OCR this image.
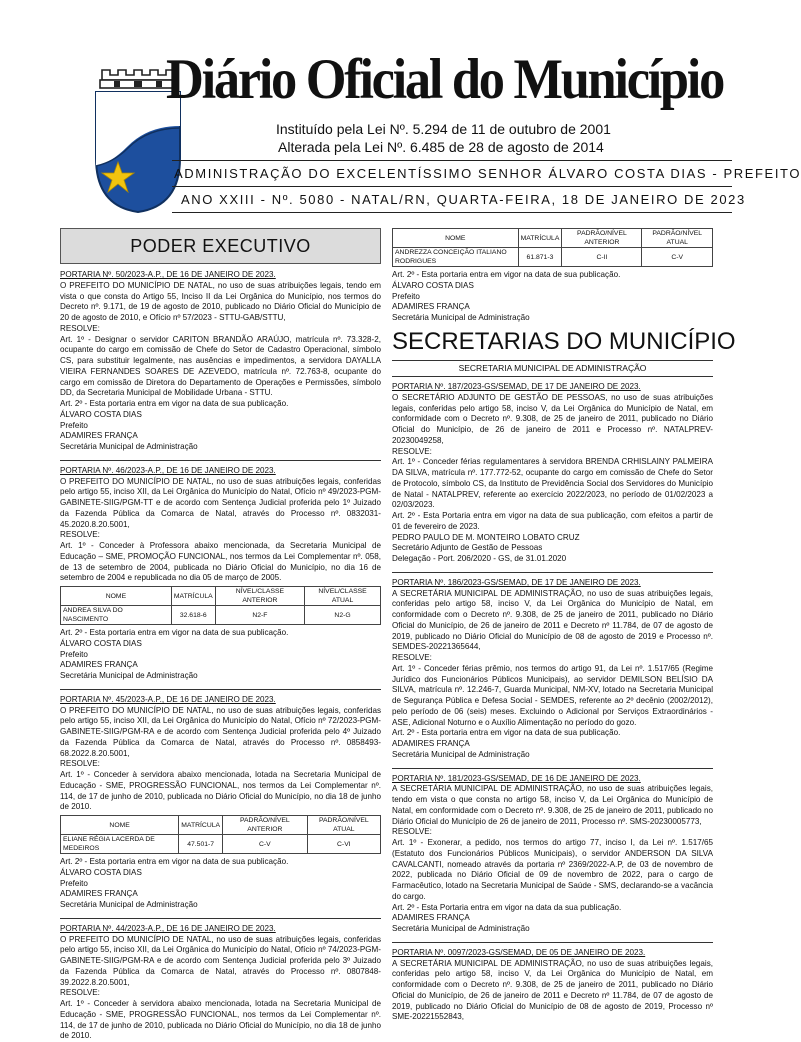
Diário Oficial do Município
Instituído pela Lei Nº. 5.294 de 11 de outubro de 2001
Alterada pela Lei Nº. 6.485 de 28 de agosto de 2014
ADMINISTRAÇÃO DO EXCELENTÍSSIMO SENHOR ÁLVARO COSTA DIAS - PREFEITO
ANO XXIII - Nº. 5080 - NATAL/RN, QUARTA-FEIRA, 18 DE JANEIRO DE 2023
PODER EXECUTIVO

PORTARIA Nº. 50/2023-A.P., DE 16 DE JANEIRO DE 2023.

O PREFEITO DO MUNICÍPIO DE NATAL, no uso de suas atribuições legais, tendo em vista o que consta do Artigo 55, Inciso II da Lei Orgânica do Município, nos termos do Decreto nº. 9.171, de 19 de agosto de 2010, publicado no Diário Oficial do Município de 20 de agosto de 2010, e Ofício nº 57/2023 - STTU-GAB/STTU,

RESOLVE:

Art. 1º - Designar o servidor CARITON BRANDÃO ARAÚJO, matrícula nº. 73.328-2, ocupante do cargo em comissão de Chefe do Setor de Cadastro Operacional, símbolo CS, para substituir legalmente, nas ausências e impedimentos, a servidora DAYALLA VIEIRA FERNANDES SOARES DE AZEVEDO, matrícula nº. 72.763-8, ocupante do cargo em comissão de Diretora do Departamento de Operações e Permissões, símbolo DD, da Secretaria Municipal de Mobilidade Urbana - STTU.

Art. 2º - Esta portaria entra em vigor na data de sua publicação.

ÁLVARO COSTA DIAS

Prefeito

ADAMIRES FRANÇA

Secretária Municipal de Administração

PORTARIA Nº. 46/2023-A.P., DE 16 DE JANEIRO DE 2023.

O PREFEITO DO MUNICÍPIO DE NATAL, no uso de suas atribuições legais, conferidas pelo artigo 55, inciso XII, da Lei Orgânica do Município do Natal, Ofício nº 49/2023-PGM-GABINETE-SIIG/PGM-TT e de acordo com Sentença Judicial proferida pelo 1º Juizado da Fazenda Pública da Comarca de Natal, através do Processo nº. 0832031-45.2020.8.20.5001,

RESOLVE:

Art. 1º - Conceder à Professora abaixo mencionada, da Secretaria Municipal de Educação – SME, PROMOÇÃO FUNCIONAL, nos termos da Lei Complementar nº. 058, de 13 de setembro de 2004, publicada no Diário Oficial do Município, no dia 16 de setembro de 2004 e republicada no dia 05 de março de 2005.

NOME	MATRÍCULA	NÍVEL/CLASSE ANTERIOR	NÍVEL/CLASSE ATUAL
ANDREA SILVA DO NASCIMENTO	32.618-6	N2-F	N2-G

Art. 2º - Esta portaria entra em vigor na data de sua publicação.

ÁLVARO COSTA DIAS

Prefeito

ADAMIRES FRANÇA

Secretária Municipal de Administração

PORTARIA Nº. 45/2023-A.P., DE 16 DE JANEIRO DE 2023.

O PREFEITO DO MUNICÍPIO DE NATAL, no uso de suas atribuições legais, conferidas pelo artigo 55, inciso XII, da Lei Orgânica do Município do Natal, Ofício nº 72/2023-PGM-GABINETE-SIIG/PGM-RA e de acordo com Sentença Judicial proferida pelo 4º Juizado da Fazenda Pública da Comarca de Natal, através do Processo nº. 0858493-68.2022.8.20.5001,

RESOLVE:

Art. 1º - Conceder à servidora abaixo mencionada, lotada na Secretaria Municipal de Educação - SME, PROGRESSÃO FUNCIONAL, nos termos da Lei Complementar nº. 114, de 17 de junho de 2010, publicada no Diário Oficial do Município, no dia 18 de junho de 2010.

NOME	MATRÍCULA	PADRÃO/NÍVEL ANTERIOR	PADRÃO/NÍVEL ATUAL
ELIANE RÉGIA LACERDA DE MEDEIROS	47.501-7	C-V	C-VI

Art. 2º - Esta portaria entra em vigor na data de sua publicação.

ÁLVARO COSTA DIAS

Prefeito

ADAMIRES FRANÇA

Secretária Municipal de Administração

PORTARIA Nº. 44/2023-A.P., DE 16 DE JANEIRO DE 2023.

O PREFEITO DO MUNICÍPIO DE NATAL, no uso de suas atribuições legais, conferidas pelo artigo 55, inciso XII, da Lei Orgânica do Município do Natal, Ofício nº 74/2023-PGM-GABINETE-SIIG/PGM-RA e de acordo com Sentença Judicial proferida pelo 3º Juizado da Fazenda Pública da Comarca de Natal, através do Processo nº. 0807848-39.2022.8.20.5001,

RESOLVE:

Art. 1º - Conceder à servidora abaixo mencionada, lotada na Secretaria Municipal de Educação - SME, PROGRESSÃO FUNCIONAL, nos termos da Lei Complementar nº. 114, de 17 de junho de 2010, publicada no Diário Oficial do Município, no dia 18 de junho de 2010.

NOME	MATRÍCULA	PADRÃO/NÍVEL ANTERIOR	PADRÃO/NÍVEL ATUAL
ANDREZZA CONCEIÇÃO ITALIANO RODRIGUES	61.871-3	C-II	C-V

Art. 2º - Esta portaria entra em vigor na data de sua publicação.

ÁLVARO COSTA DIAS

Prefeito

ADAMIRES FRANÇA

Secretária Municipal de Administração

SECRETARIAS DO MUNICÍPIO
SECRETARIA MUNICIPAL DE ADMINISTRAÇÃO

PORTARIA Nº. 187/2023-GS/SEMAD, DE 17 DE JANEIRO DE 2023.

O SECRETÁRIO ADJUNTO DE GESTÃO DE PESSOAS, no uso de suas atribuições legais, conferidas pelo artigo 58, inciso V, da Lei Orgânica do Município de Natal, em conformidade com o Decreto nº. 9.308, de 25 de janeiro de 2011, publicado no Diário Oficial do Município, de 26 de janeiro de 2011 e Processo nº. NATALPREV-20230049258,

RESOLVE:

Art. 1º - Conceder férias regulamentares à servidora BRENDA CRHISLAINY PALMEIRA DA SILVA, matrícula nº. 177.772-52, ocupante do cargo em comissão de Chefe do Setor de Protocolo, símbolo CS, da Instituto de Previdência Social dos Servidores do Município de Natal - NATALPREV, referente ao exercício 2022/2023, no período de 01/02/2023 a 02/03/2023.

Art. 2º - Esta Portaria entra em vigor na data de sua publicação, com efeitos a partir de 01 de fevereiro de 2023.

PEDRO PAULO DE M. MONTEIRO LOBATO CRUZ

Secretário Adjunto de Gestão de Pessoas

Delegação - Port. 206/2020 - GS, de 31.01.2020

PORTARIA Nº. 186/2023-GS/SEMAD, DE 17 DE JANEIRO DE 2023.

A SECRETÁRIA MUNICIPAL DE ADMINISTRAÇÃO, no uso de suas atribuições legais, conferidas pelo artigo 58, inciso V, da Lei Orgânica do Município de Natal, em conformidade com o Decreto nº. 9.308, de 25 de janeiro de 2011, publicado no Diário Oficial do Município, de 26 de janeiro de 2011 e Decreto nº 11.784, de 07 de agosto de 2019, publicado no Diário Oficial do Município de 08 de agosto de 2019 e Processo nº. SEMDES-20221365644,

RESOLVE:

Art. 1º - Conceder férias prêmio, nos termos do artigo 91, da Lei nº. 1.517/65 (Regime Jurídico dos Funcionários Públicos Municipais), ao servidor DEMILSON BELÍSIO DA SILVA, matrícula nº. 12.246-7, Guarda Municipal, NM-XV, lotado na Secretaria Municipal de Segurança Pública e Defesa Social - SEMDES, referente ao 2º decênio (2002/2012), pelo período de 06 (seis) meses. Excluindo o Adicional por Serviços Extraordinários - ASE, Adicional Noturno e o Auxílio Alimentação no período do gozo.

Art. 2º - Esta portaria entra em vigor na data de sua publicação.

ADAMIRES FRANÇA

Secretária Municipal de Administração

PORTARIA Nº. 181/2023-GS/SEMAD, DE 16 DE JANEIRO DE 2023.

A SECRETÁRIA MUNICIPAL DE ADMINISTRAÇÃO, no uso de suas atribuições legais, tendo em vista o que consta no artigo 58, inciso V, da Lei Orgânica do Município de Natal, em conformidade com o Decreto nº. 9.308, de 25 de janeiro de 2011, publicado no Diário Oficial do Município de 26 de janeiro de 2011, Processo nº. SMS-20230005773,

RESOLVE:

Art. 1º - Exonerar, a pedido, nos termos do artigo 77, inciso I, da Lei nº. 1.517/65 (Estatuto dos Funcionários Públicos Municipais), o servidor ANDERSON DA SILVA CAVALCANTI, nomeado através da portaria nº 2369/2022-A.P, de 03 de novembro de 2022, publicada no Diário Oficial de 09 de novembro de 2022, para o cargo de Farmacêutico, lotado na Secretaria Municipal de Saúde - SMS, declarando-se a vacância do cargo.

Art. 2º - Esta Portaria entra em vigor na data da sua publicação.

ADAMIRES FRANÇA

Secretária Municipal de Administração

PORTARIA Nº. 0097/2023-GS/SEMAD, DE 05 DE JANEIRO DE 2023.

A SECRETÁRIA MUNICIPAL DE ADMINISTRAÇÃO, no uso de suas atribuições legais, conferidas pelo artigo 58, inciso V, da Lei Orgânica do Município de Natal, em conformidade com o Decreto nº. 9.308, de 25 de janeiro de 2011, publicado no Diário Oficial do Município, de 26 de janeiro de 2011 e Decreto nº 11.784, de 07 de agosto de 2019, publicado no Diário Oficial do Município de 08 de agosto de 2019, Processo nº SME-20221552843,
